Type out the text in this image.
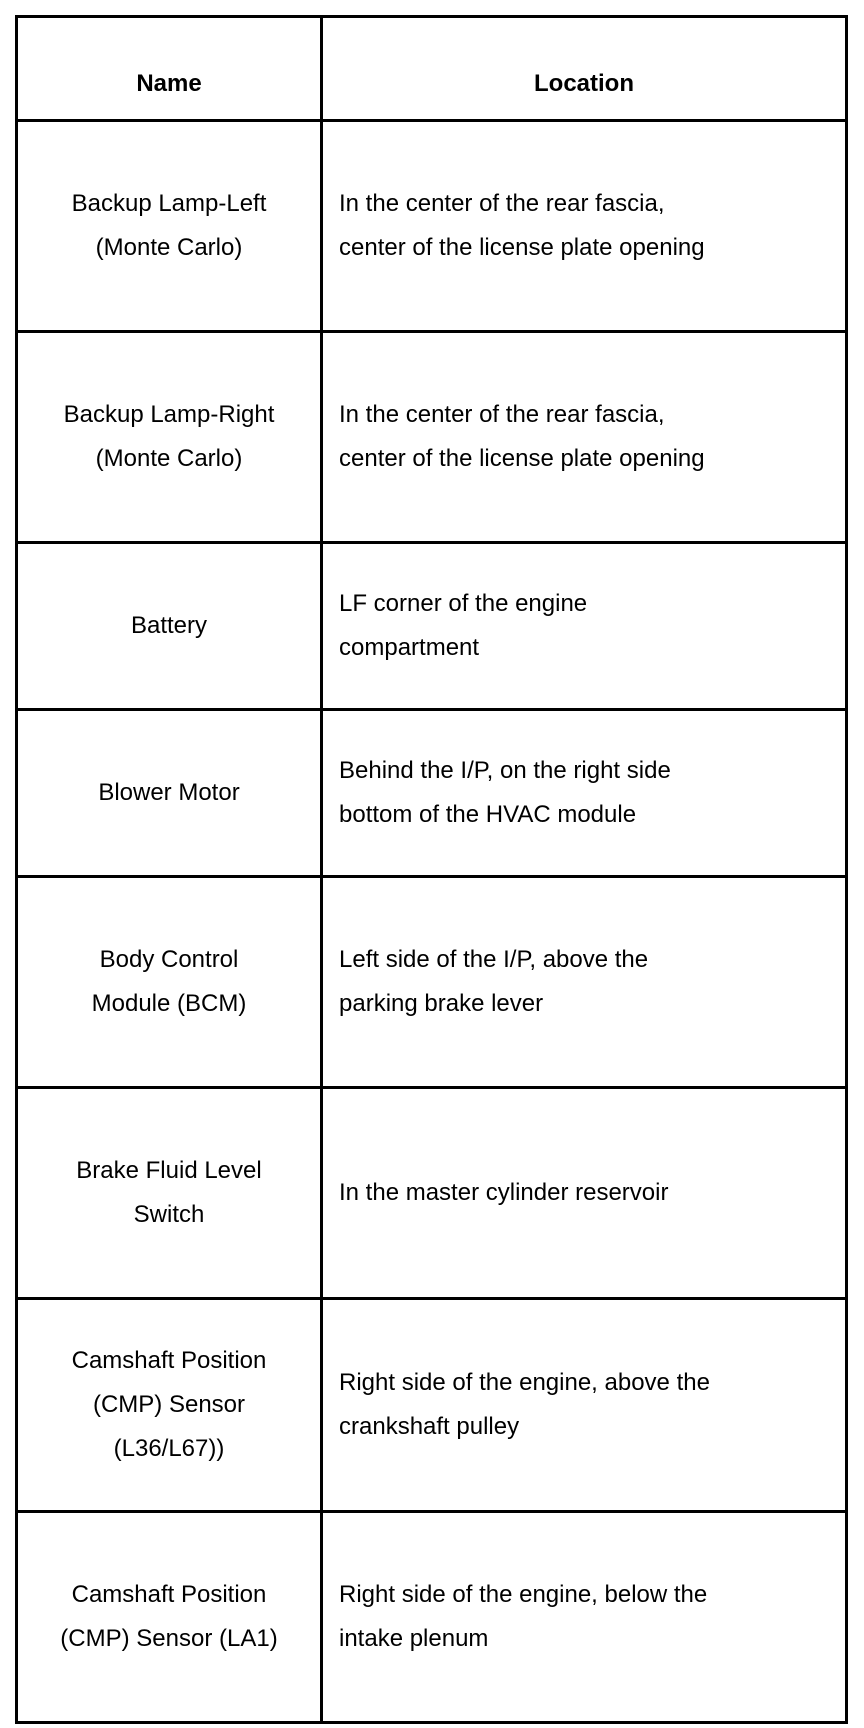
Name	Location

Backup Lamp-Left
(Monte Carlo)	In the center of the rear fascia,
center of the license plate opening

Backup Lamp-Right
(Monte Carlo)	In the center of the rear fascia,
center of the license plate opening

Battery	LF corner of the engine
compartment

Blower Motor	Behind the I/P, on the right side
bottom of the HVAC module

Body Control
Module (BCM)	Left side of the I/P, above the
parking brake lever

Brake Fluid Level
Switch	In the master cylinder reservoir

Camshaft Position
(CMP) Sensor
(L36/L67))	Right side of the engine, above the
crankshaft pulley

Camshaft Position
(CMP) Sensor (LA1)	Right side of the engine, below the
intake plenum
